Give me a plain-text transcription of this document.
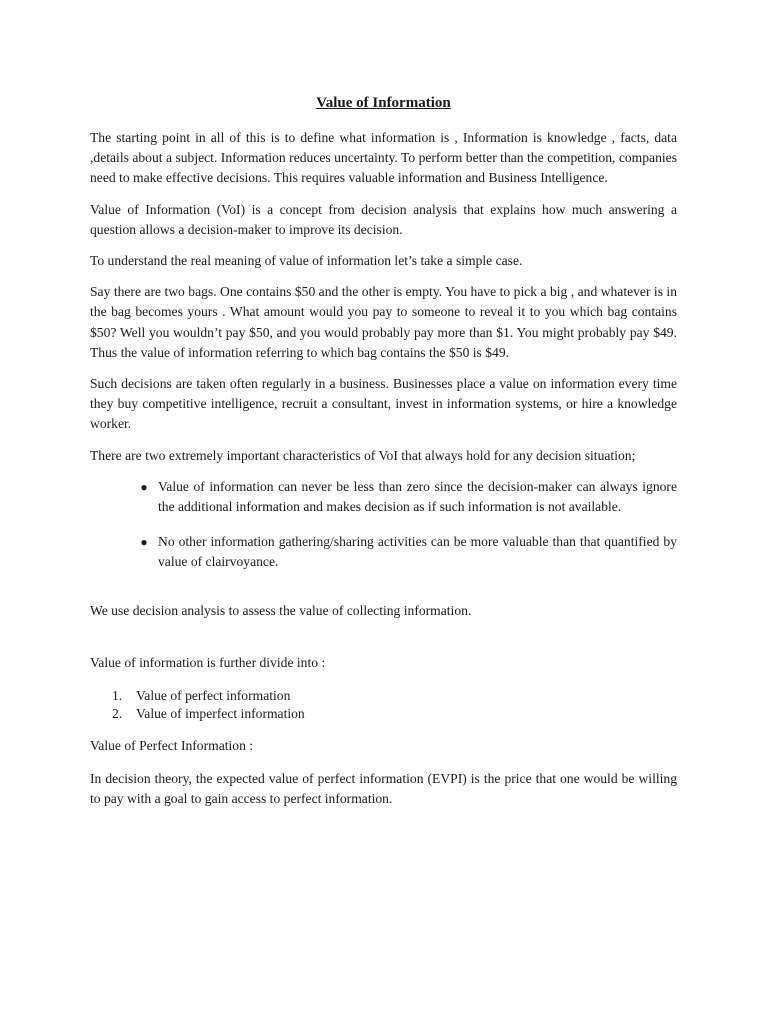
Value of Information

The starting point in all of this is to define what information is , Information is knowledge , facts, data ,details about a subject. Information reduces uncertainty. To perform better than the competition, companies need to make effective decisions. This requires valuable information and Business Intelligence.

Value of Information (VoI) is a concept from decision analysis that explains how much answering a question allows a decision-maker to improve its decision.

To understand the real meaning of value of information let’s take a simple case.

Say there are two bags. One contains $50 and the other is empty. You have to pick a big , and whatever is in the bag becomes yours . What amount would you pay to someone to reveal it to you which bag contains $50? Well you wouldn’t pay $50, and you would probably pay more than $1. You might probably pay $49. Thus the value of information referring to which bag contains the $50 is $49.

Such decisions are taken often regularly in a business. Businesses place a value on information every time they buy competitive intelligence, recruit a consultant, invest in information systems, or hire a knowledge worker.

There are two extremely important characteristics of VoI that always hold for any decision situation;

● Value of information can never be less than zero since the decision-maker can always ignore the additional information and makes decision as if such information is not available.
● No other information gathering/sharing activities can be more valuable than that quantified by value of clairvoyance.

We use decision analysis to assess the value of collecting information.

Value of information is further divide into :

1. Value of perfect information
2. Value of imperfect information

Value of Perfect Information :

In decision theory, the expected value of perfect information (EVPI) is the price that one would be willing to pay with a goal to gain access to perfect information.
